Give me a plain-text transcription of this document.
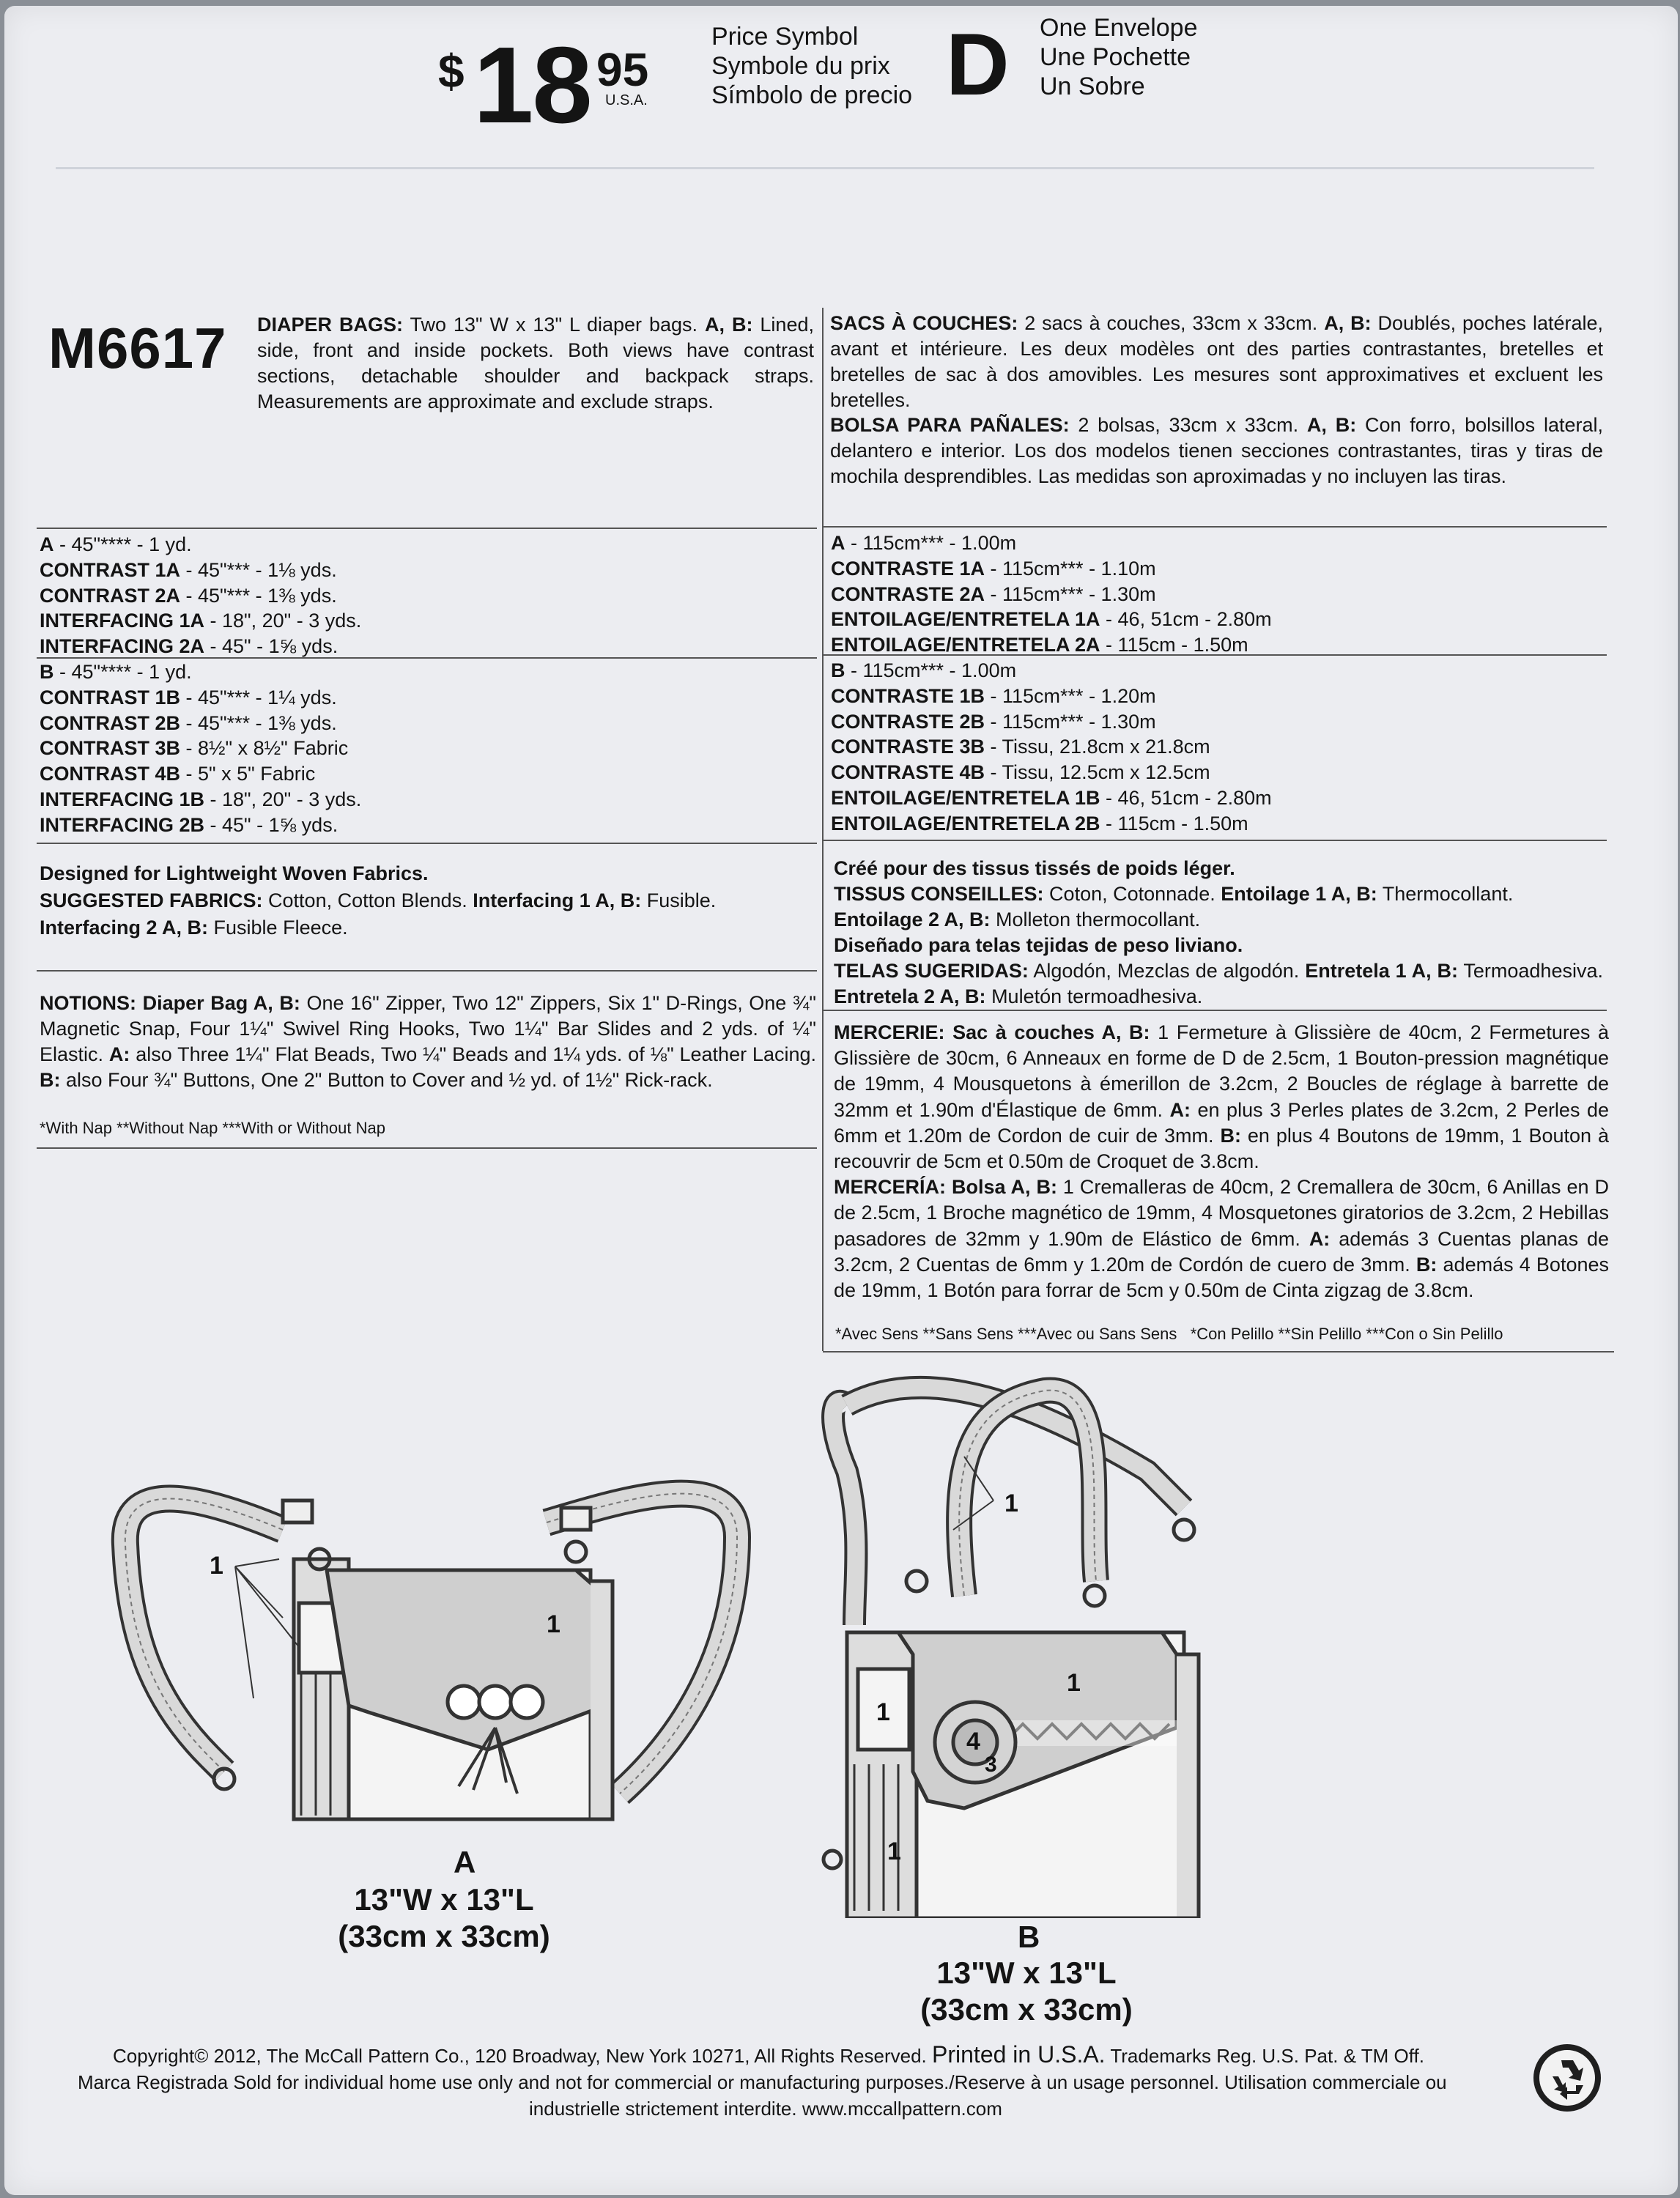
$ 18 95
U.S.A.
Price Symbol
Symbole du prix
Símbolo de precio D One Envelope
Une Pochette
Un Sobre
M6617 DIAPER BAGS: Two 13" W x 13" L diaper bags. A, B: Lined, side, front and inside pockets. Both views have contrast sections, detachable shoulder and backpack straps. Measurements are approximate and exclude straps.
SACS À COUCHES: 2 sacs à couches, 33cm x 33cm. A, B: Doublés, poches latérale, avant et intérieure. Les deux modèles ont des parties contrastantes, bretelles et bretelles de sac à dos amovibles. Les mesures sont approximatives et excluent les bretelles.
BOLSA PARA PAÑALES: 2 bolsas, 33cm x 33cm. A, B: Con forro, bolsillos lateral, delantero e interior. Los dos modelos tienen secciones contrastantes, tiras y tiras de mochila desprendibles. Las medidas son aproximadas y no incluyen las tiras.
A - 45"**** - 1 yd.
CONTRAST 1A - 45"*** - 1⅛ yds.
CONTRAST 2A - 45"*** - 1⅜ yds.
INTERFACING 1A - 18", 20" - 3 yds.
INTERFACING 2A - 45" - 1⅝ yds.
B - 45"**** - 1 yd.
CONTRAST 1B - 45"*** - 1¼ yds.
CONTRAST 2B - 45"*** - 1⅜ yds.
CONTRAST 3B - 8½" x 8½" Fabric
CONTRAST 4B - 5" x 5" Fabric
INTERFACING 1B - 18", 20" - 3 yds.
INTERFACING 2B - 45" - 1⅝ yds.
A - 115cm*** - 1.00m
CONTRASTE 1A - 115cm*** - 1.10m
CONTRASTE 2A - 115cm*** - 1.30m
ENTOILAGE/ENTRETELA 1A - 46, 51cm - 2.80m
ENTOILAGE/ENTRETELA 2A - 115cm - 1.50m
B - 115cm*** - 1.00m
CONTRASTE 1B - 115cm*** - 1.20m
CONTRASTE 2B - 115cm*** - 1.30m
CONTRASTE 3B - Tissu, 21.8cm x 21.8cm
CONTRASTE 4B - Tissu, 12.5cm x 12.5cm
ENTOILAGE/ENTRETELA 1B - 46, 51cm - 2.80m
ENTOILAGE/ENTRETELA 2B - 115cm - 1.50m
Designed for Lightweight Woven Fabrics.
SUGGESTED FABRICS: Cotton, Cotton Blends. Interfacing 1 A, B: Fusible.
Interfacing 2 A, B: Fusible Fleece.
Créé pour des tissus tissés de poids léger.
TISSUS CONSEILLES: Coton, Cotonnade. Entoilage 1 A, B: Thermocollant.
Entoilage 2 A, B: Molleton thermocollant.
Diseñado para telas tejidas de peso liviano.
TELAS SUGERIDAS: Algodón, Mezclas de algodón. Entretela 1 A, B: Termoadhesiva. Entretela 2 A, B: Muletón termoadhesiva.
NOTIONS: Diaper Bag A, B: One 16" Zipper, Two 12" Zippers, Six 1" D-Rings, One ¾" Magnetic Snap, Four 1¼" Swivel Ring Hooks, Two 1¼" Bar Slides and 2 yds. of ¼" Elastic. A: also Three 1¼" Flat Beads, Two ¼" Beads and 1¼ yds. of ⅛" Leather Lacing. B: also Four ¾" Buttons, One 2" Button to Cover and ½ yd. of 1½" Rick-rack.
*With Nap **Without Nap ***With or Without Nap
MERCERIE: Sac à couches A, B: 1 Fermeture à Glissière de 40cm, 2 Fermetures à Glissière de 30cm, 6 Anneaux en forme de D de 2.5cm, 1 Bouton-pression magnétique de 19mm, 4 Mousquetons à émerillon de 3.2cm, 2 Boucles de réglage à barrette de 32mm et 1.90m d'Élastique de 6mm. A: en plus 3 Perles plates de 3.2cm, 2 Perles de 6mm et 1.20m de Cordon de cuir de 3mm. B: en plus 4 Boutons de 19mm, 1 Bouton à recouvrir de 5cm et 0.50m de Croquet de 3.8cm.
MERCERÍA: Bolsa A, B: 1 Cremalleras de 40cm, 2 Cremallera de 30cm, 6 Anillas en D de 2.5cm, 1 Broche magnético de 19mm, 4 Mosquetones giratorios de 3.2cm, 2 Hebillas pasadores de 32mm y 1.90m de Elástico de 6mm. A: además 3 Cuentas planas de 3.2cm, 2 Cuentas de 6mm y 1.20m de Cordón de cuero de 3mm. B: además 4 Botones de 19mm, 1 Botón para forrar de 5cm y 0.50m de Cinta zigzag de 3.8cm.
*Avec Sens **Sans Sens ***Avec ou Sans Sens   *Con Pelillo **Sin Pelillo ***Con o Sin Pelillo
1
1
A
13"W x 13"L
(33cm x 33cm)
1
1
1
1
4
3
B
13"W x 13"L
(33cm x 33cm)
Copyright© 2012, The McCall Pattern Co., 120 Broadway, New York 10271, All Rights Reserved. Printed in U.S.A. Trademarks Reg. U.S. Pat. & TM Off.
Marca Registrada Sold for individual home use only and not for commercial or manufacturing purposes./Reserve à un usage personnel. Utilisation commerciale ou
industrielle strictement interdite. www.mccallpattern.com
